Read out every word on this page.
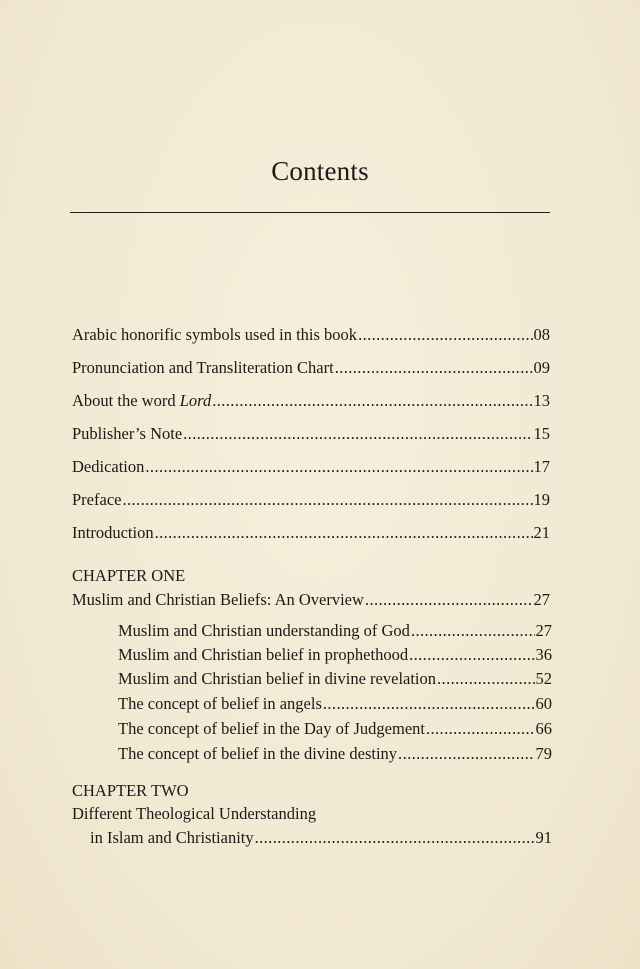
Contents
Arabic honorific symbols used in this book .....	08
Pronunciation and Transliteration Chart .....	09
About the word Lord .....	13
Publisher’s Note .....	15
Dedication .....	17
Preface .....	19
Introduction .....	21
CHAPTER ONE
Muslim and Christian Beliefs: An Overview .....	27
Muslim and Christian understanding of God .....	27
Muslim and Christian belief in prophethood .....	36
Muslim and Christian belief in divine revelation .....	52
The concept of belief in angels .....	60
The concept of belief in the Day of Judgement .....	66
The concept of belief in the divine destiny .....	79
CHAPTER TWO
Different Theological Understanding
in Islam and Christianity .....	91
